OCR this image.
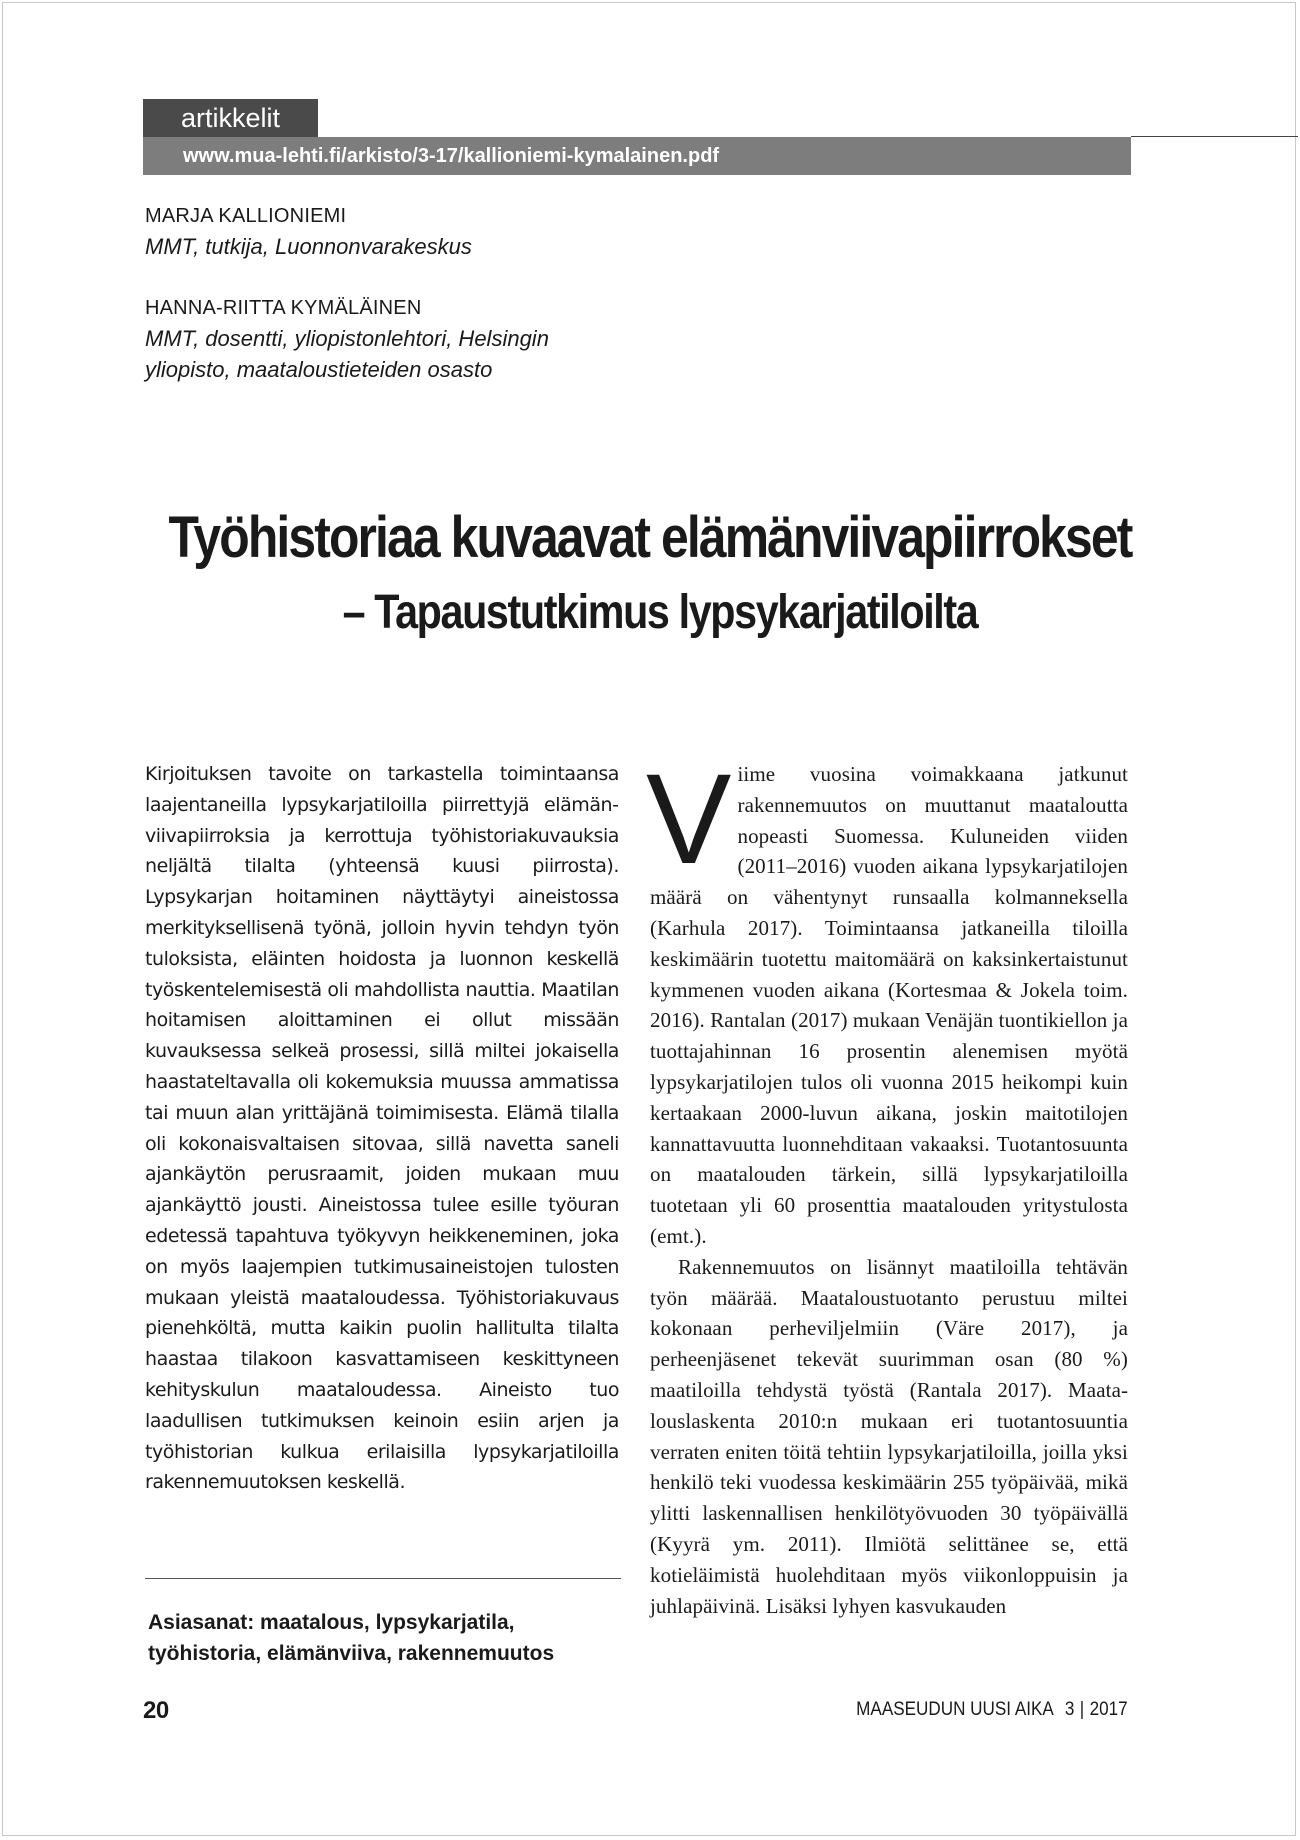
artikkelit
www.mua-lehti.fi/arkisto/3-17/kallioniemi-kymalainen.pdf
MARJA KALLIONIEMI
MMT, tutkija, Luonnonvarakeskus
HANNA-RIITTA KYMÄLÄINEN
MMT, dosentti, yliopistonlehtori, Helsingin yliopisto, maataloustieteiden osasto
Työhistoriaa kuvaavat elämänviivapiirrokset
– Tapaustutkimus lypsykarjatiloilta

Kirjoituksen tavoite on tarkastella toimintaansa laajentaneilla lypsykarjatiloilla piirrettyjä elämänviivapiirroksia ja kerrottuja työhistoriakuvauksia neljältä tilalta (yhteensä kuusi piirrosta). Lypsykarjan hoitaminen näyttäytyi aineistossa merkityksellisenä työnä, jolloin hyvin tehdyn työn tuloksista, eläinten hoidosta ja luonnon keskellä työskentelemisestä oli mahdollista nauttia. Maatilan hoitamisen aloittaminen ei ollut missään kuvauksessa selkeä prosessi, sillä miltei jokaisella haastateltavalla oli kokemuksia muussa ammatissa tai muun alan yrittäjänä toimimisesta. Elämä tilalla oli kokonaisvaltaisen sitovaa, sillä navetta saneli ajankäytön perusraamit, joiden mukaan muu ajankäyttö jousti. Aineistossa tulee esille työuran edetessä tapahtuva työkyvyn heikkeneminen, joka on myös laajempien tutkimusaineistojen tulosten mukaan yleistä maataloudessa. Työhistoriakuvaus pienehköltä, mutta kaikin puolin hallitulta tilalta haastaa tilakoon kasvattamiseen keskittyneen kehityskulun maataloudessa. Aineisto tuo laadullisen tutkimuksen keinoin esiin arjen ja työhistorian kulkua erilaisilla lypsykarjatiloilla rakennemuutoksen keskellä.

Asiasanat: maatalous, lypsykarjatila,
työhistoria, elämänviiva, rakennemuutos

Viime vuosina voimakkaana jatkunut rakennemuutos on muuttanut maataloutta nopeasti Suomessa. Kuluneiden viiden (2011–2016) vuoden aikana lypsykarjatilojen määrä on vähentynyt runsaalla kolmanneksella (Karhula 2017). Toimintaansa jatkaneilla tiloilla keskimäärin tuotettu maitomäärä on kaksinkertaistunut kymmenen vuoden aikana (Kortesmaa & Jokela toim. 2016). Rantalan (2017) mukaan Venäjän tuontikiellon ja tuottajahinnan 16 prosentin alenemisen myötä lypsykarjatilojen tulos oli vuonna 2015 heikompi kuin kertaakaan 2000-luvun aikana, joskin maitotilojen kannattavuutta luonnehditaan vakaaksi. Tuotantosuunta on maatalouden tärkein, sillä lypsykarjatiloilla tuotetaan yli 60 prosenttia maatalouden yritystulosta (emt.).

Rakennemuutos on lisännyt maatiloilla tehtävän työn määrää. Maataloustuotanto perustuu miltei kokonaan perheviljelmiin (Väre 2017), ja perheenjäsenet tekevät suurimman osan (80 %) maatiloilla tehdystä työstä (Rantala 2017). Maatalouslaskenta 2010:n mukaan eri tuotantosuuntia verraten eniten töitä tehtiin lypsykarjatiloilla, joilla yksi henkilö teki vuodessa keskimäärin 255 työpäivää, mikä ylitti laskennallisen henkilötyövuoden 30 työpäivällä (Kyyrä ym. 2011). Ilmiötä selittänee se, että kotieläimistä huolehditaan myös viikonloppuisin ja juhlapäivinä. Lisäksi lyhyen kasvukauden

20	MAASEUDUN UUSI AIKA 3 | 2017
